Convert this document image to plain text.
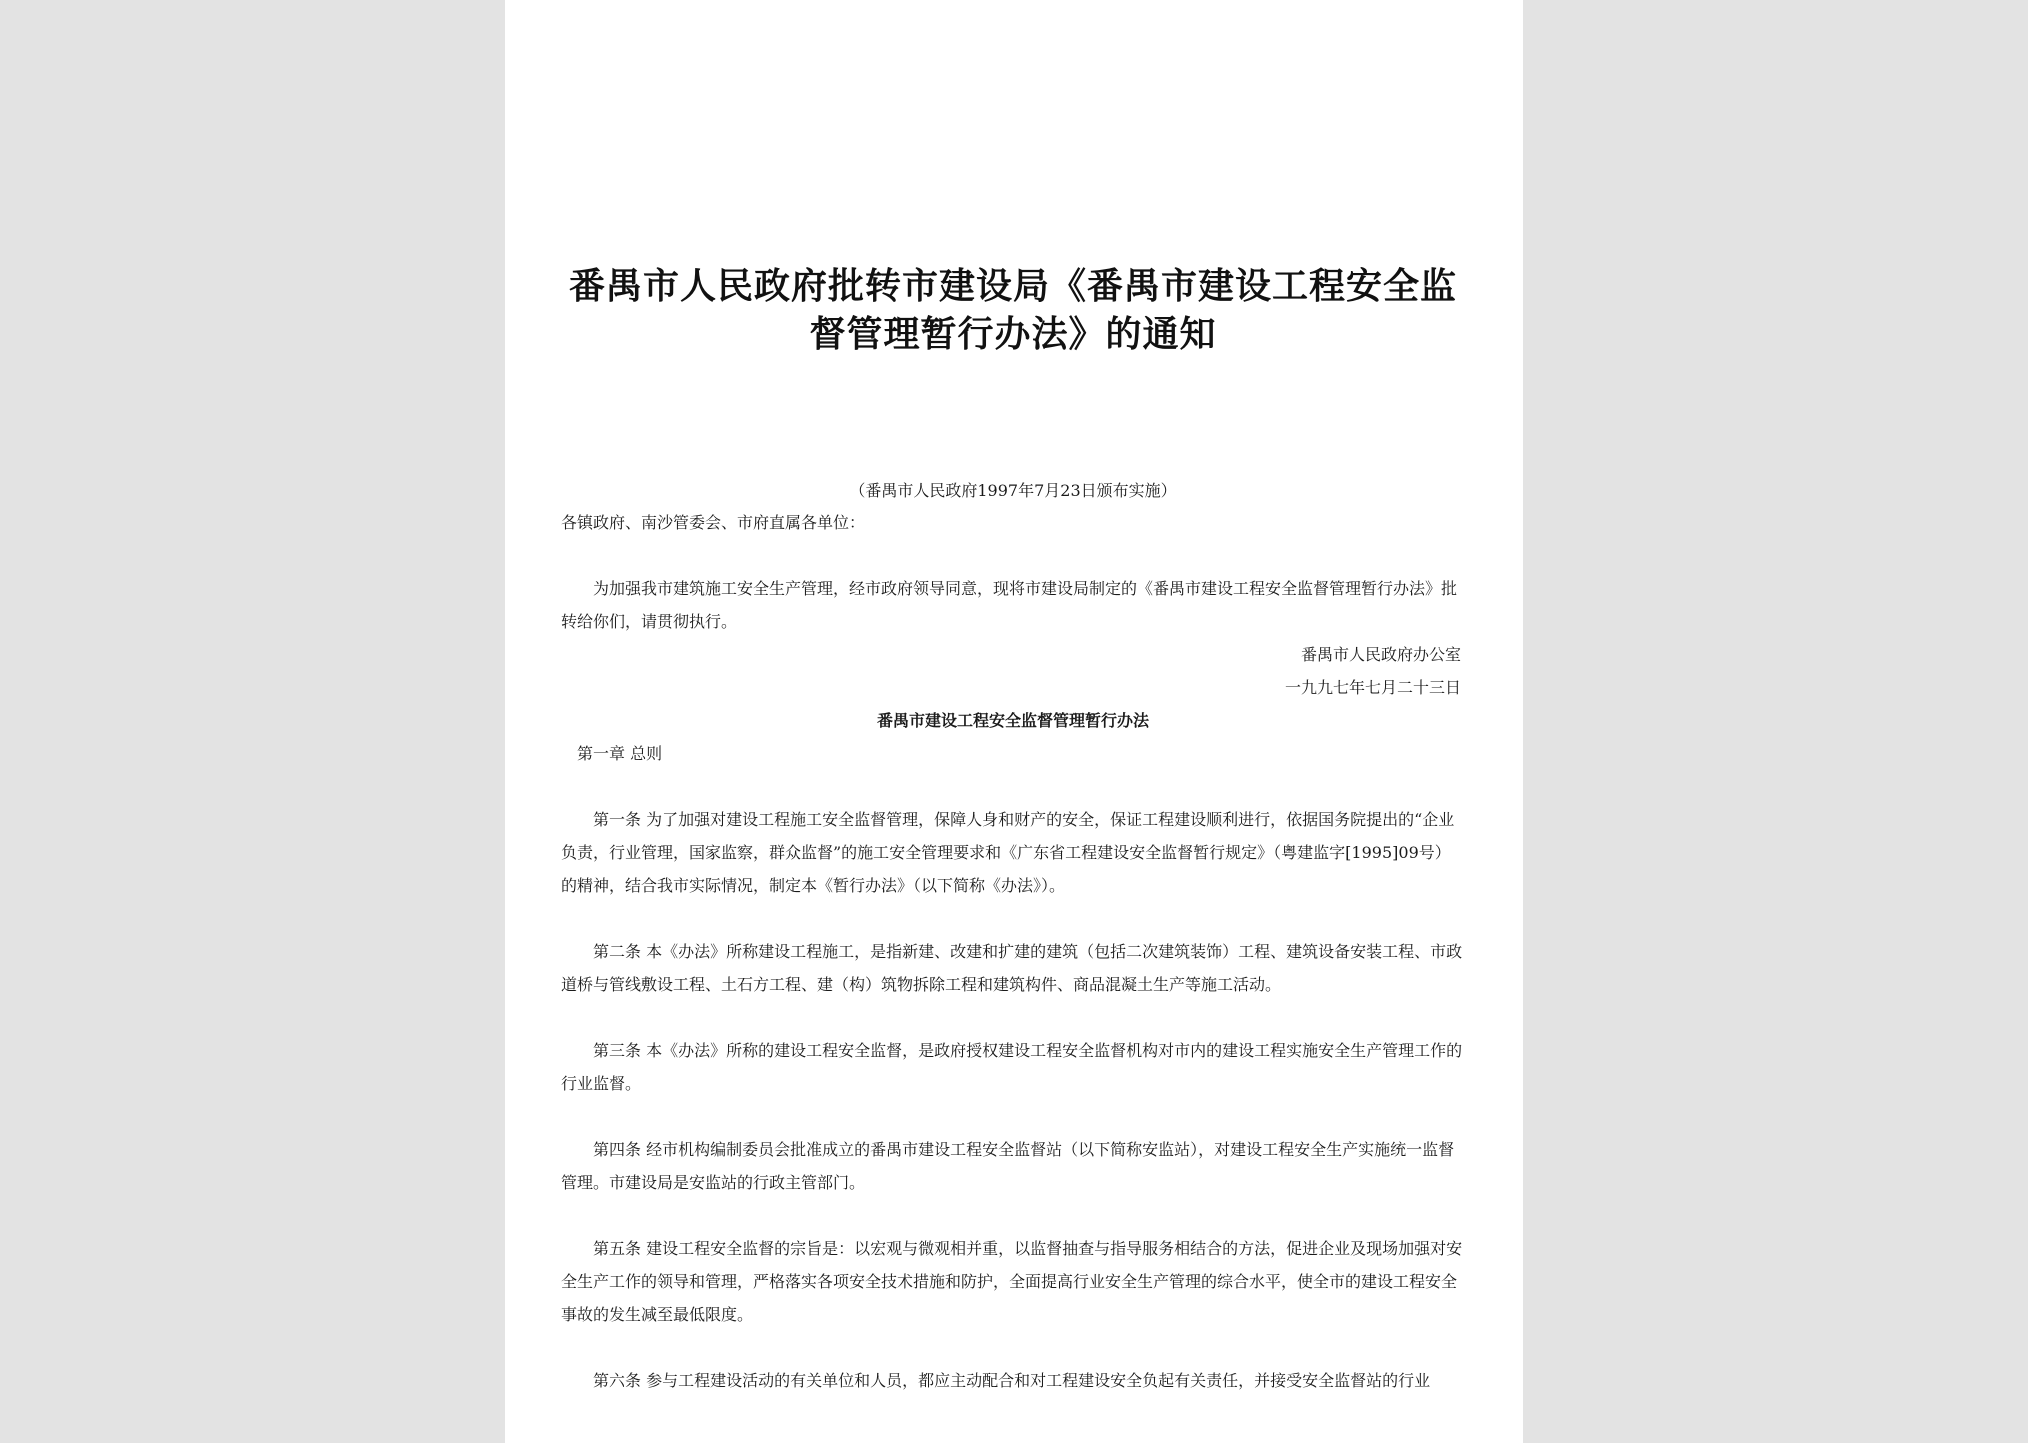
番禺市人民政府批转市建设局《番禺市建设工程安全监
督管理暂行办法》的通知
（番禺市人民政府1997年7月23日颁布实施）
各镇政府、南沙管委会、市府直属各单位：

为加强我市建筑施工安全生产管理，经市政府领导同意，现将市建设局制定的《番禺市建设工程安全监督管理暂行办法》批转给你们，请贯彻执行。

番禺市人民政府办公室
一九九七年七月二十三日
番禺市建设工程安全监督管理暂行办法
第一章 总则

第一条 为了加强对建设工程施工安全监督管理，保障人身和财产的安全，保证工程建设顺利进行，依据国务院提出的“企业负责，行业管理，国家监察，群众监督”的施工安全管理要求和《广东省工程建设安全监督暂行规定》（粤建监字[1995]09号）的精神，结合我市实际情况，制定本《暂行办法》（以下简称《办法》）。

第二条 本《办法》所称建设工程施工，是指新建、改建和扩建的建筑（包括二次建筑装饰）工程、建筑设备安装工程、市政道桥与管线敷设工程、土石方工程、建（构）筑物拆除工程和建筑构件、商品混凝土生产等施工活动。

第三条 本《办法》所称的建设工程安全监督，是政府授权建设工程安全监督机构对市内的建设工程实施安全生产管理工作的行业监督。

第四条 经市机构编制委员会批准成立的番禺市建设工程安全监督站（以下简称安监站），对建设工程安全生产实施统一监督管理。市建设局是安监站的行政主管部门。

第五条 建设工程安全监督的宗旨是：以宏观与微观相并重，以监督抽查与指导服务相结合的方法，促进企业及现场加强对安全生产工作的领导和管理，严格落实各项安全技术措施和防护，全面提高行业安全生产管理的综合水平，使全市的建设工程安全事故的发生减至最低限度。

第六条 参与工程建设活动的有关单位和人员，都应主动配合和对工程建设安全负起有关责任，并接受安全监督站的行业
